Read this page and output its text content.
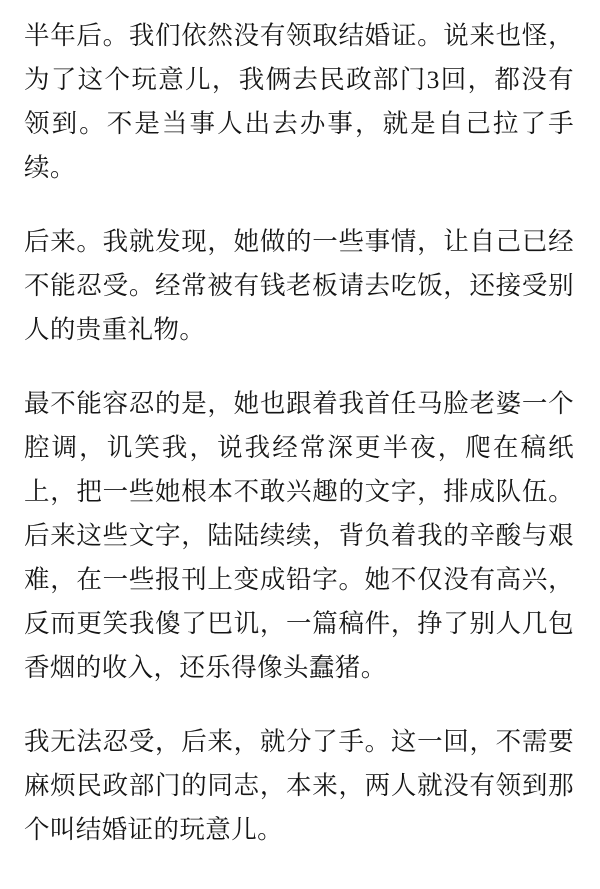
半年后。我们依然没有领取结婚证。说来也怪，为了这个玩意儿，我俩去民政部门3回，都没有领到。不是当事人出去办事，就是自己拉了手续。

后来。我就发现，她做的一些事情，让自己已经不能忍受。经常被有钱老板请去吃饭，还接受别人的贵重礼物。

最不能容忍的是，她也跟着我首任马脸老婆一个腔调，讥笑我，说我经常深更半夜，爬在稿纸上，把一些她根本不敢兴趣的文字，排成队伍。后来这些文字，陆陆续续，背负着我的辛酸与艰难，在一些报刊上变成铅字。她不仅没有高兴，反而更笑我傻了巴讥，一篇稿件，挣了别人几包香烟的收入，还乐得像头蠢猪。

我无法忍受，后来，就分了手。这一回，不需要麻烦民政部门的同志，本来，两人就没有领到那个叫结婚证的玩意儿。
